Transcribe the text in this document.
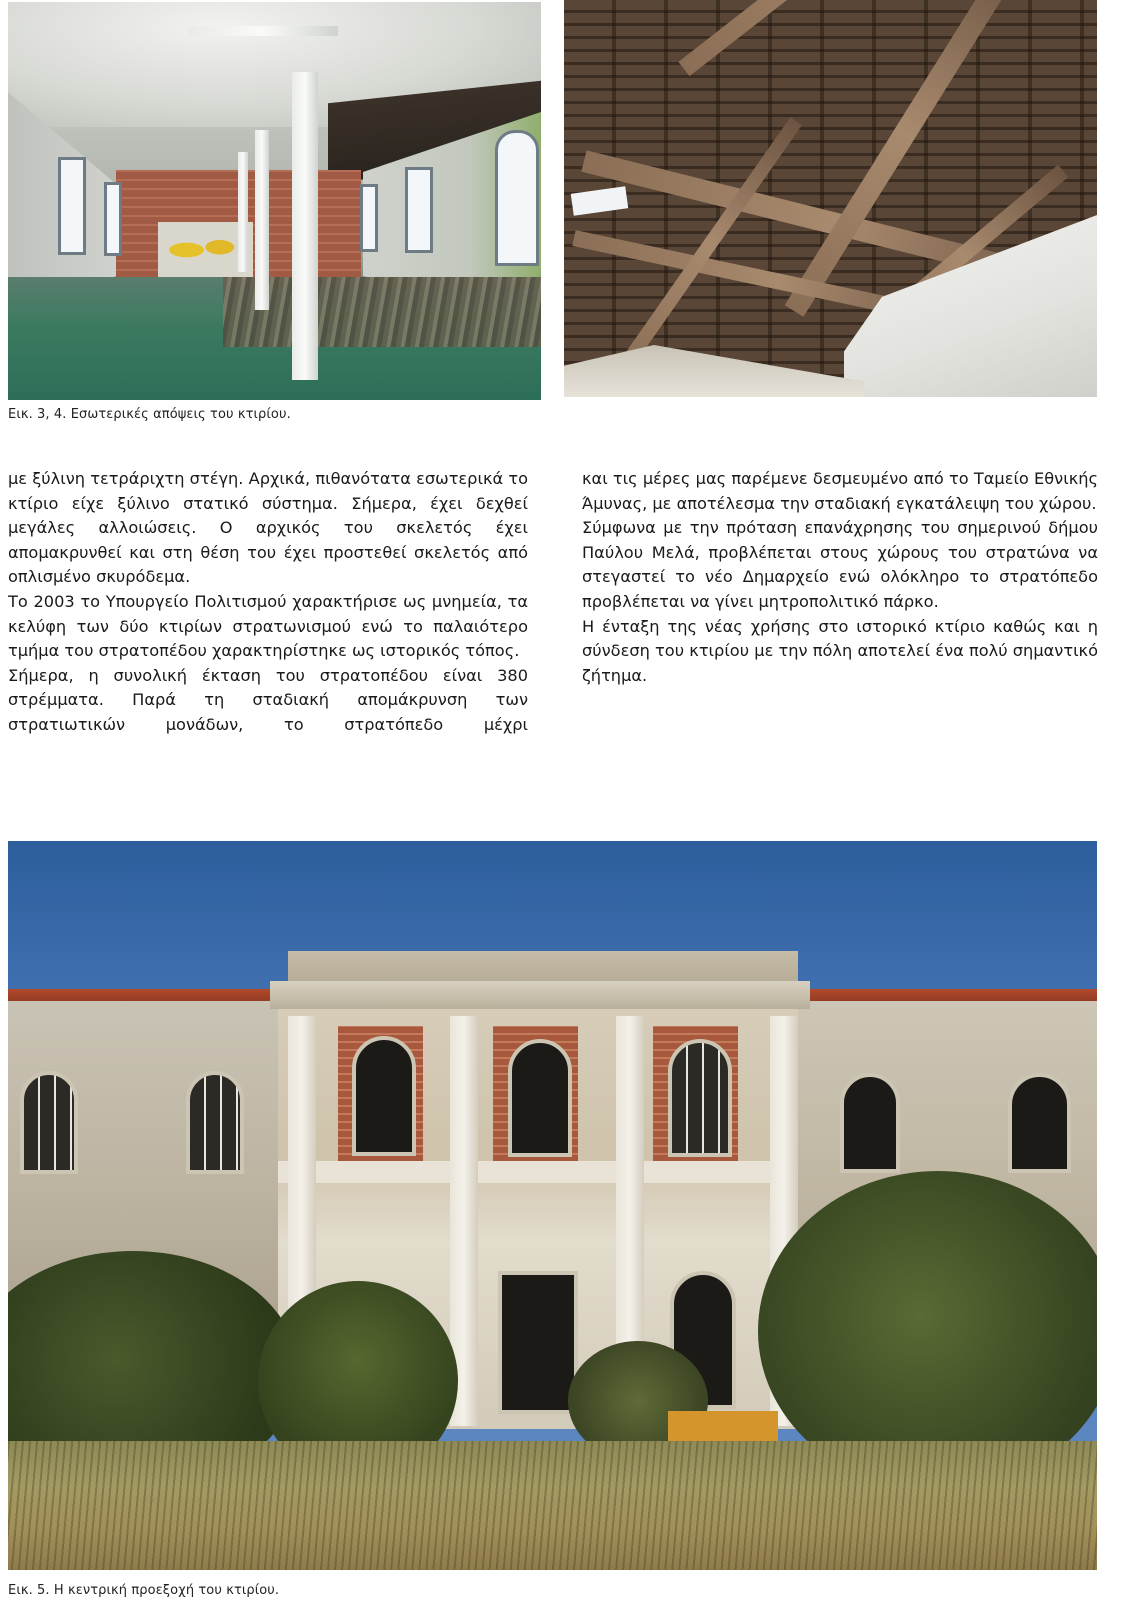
Εικ. 3, 4. Εσωτερικές απόψεις του κτιρίου.

με ξύλινη τετράριχτη στέγη. Αρχικά, πιθανότατα εσωτερικά το κτίριο είχε ξύλινο στατικό σύστημα. Σήμερα, έχει δεχθεί μεγάλες αλλοιώσεις. Ο αρχικός του σκελετός έχει απομακρυνθεί και στη θέση του έχει προστεθεί σκελετός από οπλισμένο σκυρόδεμα.

Το 2003 το Υπουργείο Πολιτισμού χαρακτήρισε ως μνημεία, τα κελύφη των δύο κτιρίων στρατωνισμού ενώ το παλαιότερο τμήμα του στρατοπέδου χαρακτηρίστηκε ως ιστορικός τόπος.

Σήμερα, η συνολική έκταση του στρατοπέδου είναι 380 στρέμματα. Παρά τη σταδιακή απομάκρυνση των στρατιωτικών μονάδων, το στρατόπεδο μέχρι

και τις μέρες μας παρέμενε δεσμευμένο από το Ταμείο Εθνικής Άμυνας, με αποτέλεσμα την σταδιακή εγκατάλειψη του χώρου.

Σύμφωνα με την πρόταση επανάχρησης του σημερινού δήμου Παύλου Μελά, προβλέπεται στους χώρους του στρατώνα να στεγαστεί το νέο Δημαρχείο ενώ ολόκληρο το στρατόπεδο προβλέπεται να γίνει μητροπολιτικό πάρκο.

Η ένταξη της νέας χρήσης στο ιστορικό κτίριο καθώς και η σύνδεση του κτιρίου με την πόλη αποτελεί ένα πολύ σημαντικό ζήτημα.

Εικ. 5. Η κεντρική προεξοχή του κτιρίου.
